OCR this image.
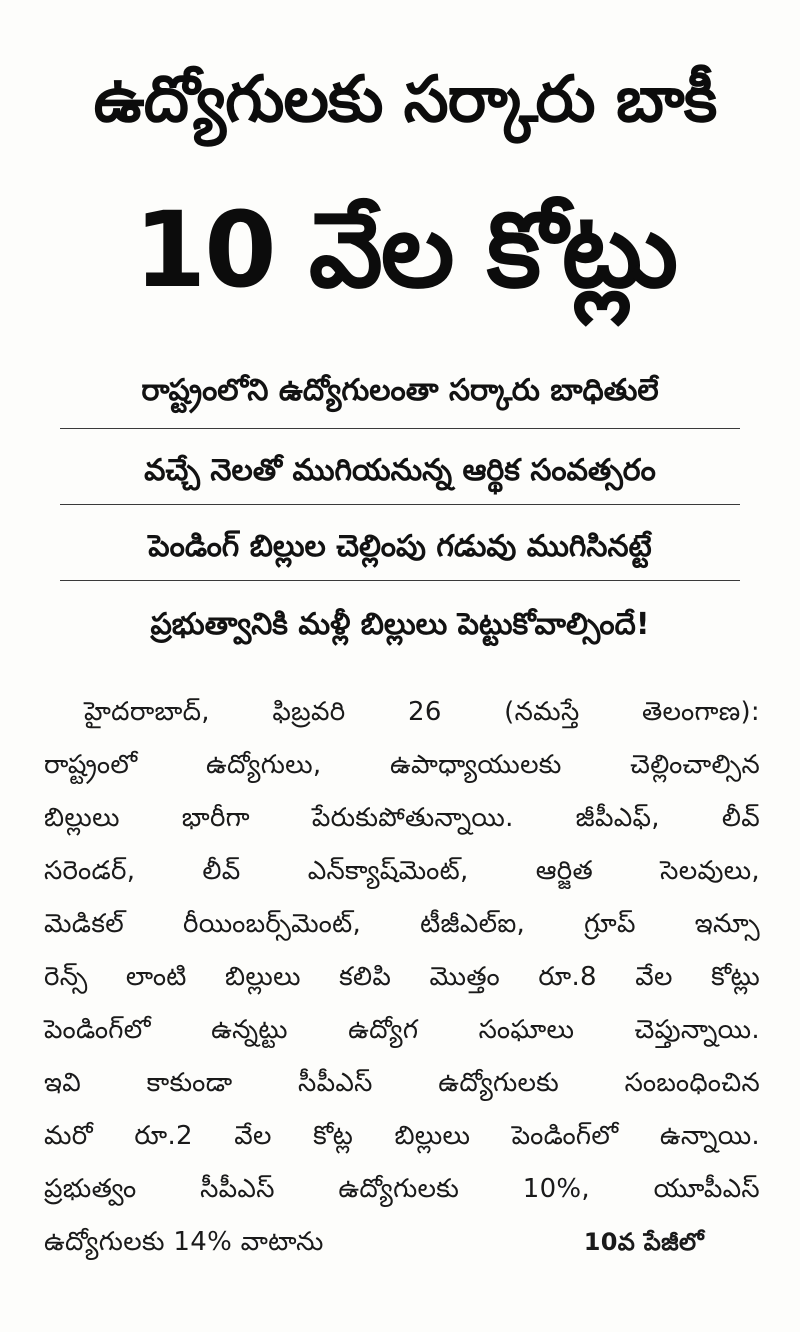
ఉద్యోగులకు సర్కారు బాకీ
10 వేల కోట్లు
రాష్ట్రంలోని ఉద్యోగులంతా సర్కారు బాధితులే
వచ్చే నెలతో ముగియనున్న ఆర్థిక సంవత్సరం
పెండింగ్ బిల్లుల చెల్లింపు గడువు ముగిసినట్టే
ప్రభుత్వానికి మళ్లీ బిల్లులు పెట్టుకోవాల్సిందే!
హైదరాబాద్, ఫిబ్రవరి 26 (నమస్తే తెలంగాణ):
రాష్ట్రంలో ఉద్యోగులు, ఉపాధ్యాయులకు చెల్లించాల్సిన
బిల్లులు భారీగా పేరుకుపోతున్నాయి. జీపీఎఫ్, లీవ్
సరెండర్, లీవ్ ఎన్‌క్యాష్‌మెంట్, ఆర్జిత సెలవులు,
మెడికల్ రీయింబర్స్‌మెంట్, టీజీఎల్‌ఐ, గ్రూప్ ఇన్సూ
రెన్స్ లాంటి బిల్లులు కలిపి మొత్తం రూ.8 వేల కోట్లు
పెండింగ్‌లో ఉన్నట్టు ఉద్యోగ సంఘాలు చెప్తున్నాయి.
ఇవి కాకుండా సీపీఎస్ ఉద్యోగులకు సంబంధించిన
మరో రూ.2 వేల కోట్ల బిల్లులు పెండింగ్‌లో ఉన్నాయి.
ప్రభుత్వం సీపీఎస్ ఉద్యోగులకు 10%, యూపీఎస్
ఉద్యోగులకు 14% వాటాను	10వ పేజీలో
